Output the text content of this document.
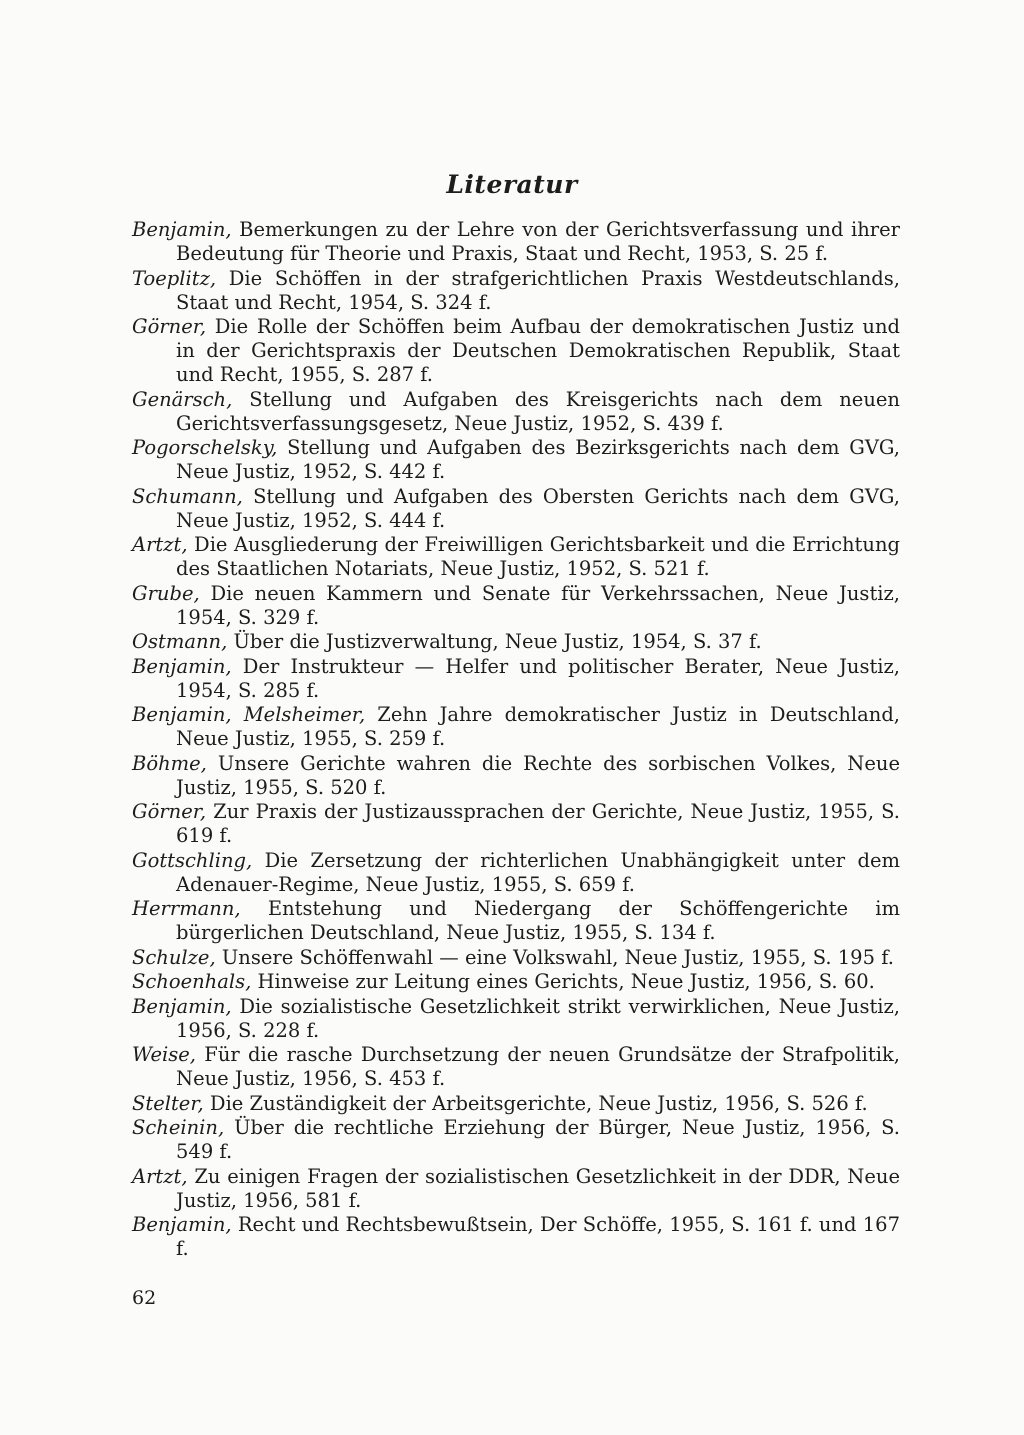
Literatur
Benjamin, Bemerkungen zu der Lehre von der Gerichtsverfassung und ihrer Bedeutung für Theorie und Praxis, Staat und Recht, 1953, S. 25 f.
Toeplitz, Die Schöffen in der strafgerichtlichen Praxis Westdeutschlands, Staat und Recht, 1954, S. 324 f.
Görner, Die Rolle der Schöffen beim Aufbau der demokratischen Justiz und in der Gerichtspraxis der Deutschen Demokratischen Republik, Staat und Recht, 1955, S. 287 f.
Genärsch, Stellung und Aufgaben des Kreisgerichts nach dem neuen Gerichtsverfassungsgesetz, Neue Justiz, 1952, S. 439 f.
Pogorschelsky, Stellung und Aufgaben des Bezirksgerichts nach dem GVG, Neue Justiz, 1952, S. 442 f.
Schumann, Stellung und Aufgaben des Obersten Gerichts nach dem GVG, Neue Justiz, 1952, S. 444 f.
Artzt, Die Ausgliederung der Freiwilligen Gerichtsbarkeit und die Errichtung des Staatlichen Notariats, Neue Justiz, 1952, S. 521 f.
Grube, Die neuen Kammern und Senate für Verkehrssachen, Neue Justiz, 1954, S. 329 f.
Ostmann, Über die Justizverwaltung, Neue Justiz, 1954, S. 37 f.
Benjamin, Der Instrukteur — Helfer und politischer Berater, Neue Justiz, 1954, S. 285 f.
Benjamin, Melsheimer, Zehn Jahre demokratischer Justiz in Deutschland, Neue Justiz, 1955, S. 259 f.
Böhme, Unsere Gerichte wahren die Rechte des sorbischen Volkes, Neue Justiz, 1955, S. 520 f.
Görner, Zur Praxis der Justizaussprachen der Gerichte, Neue Justiz, 1955, S. 619 f.
Gottschling, Die Zersetzung der richterlichen Unabhängigkeit unter dem Adenauer-Regime, Neue Justiz, 1955, S. 659 f.
Herrmann, Entstehung und Niedergang der Schöffengerichte im bürgerlichen Deutschland, Neue Justiz, 1955, S. 134 f.
Schulze, Unsere Schöffenwahl — eine Volkswahl, Neue Justiz, 1955, S. 195 f.
Schoenhals, Hinweise zur Leitung eines Gerichts, Neue Justiz, 1956, S. 60.
Benjamin, Die sozialistische Gesetzlichkeit strikt verwirklichen, Neue Justiz, 1956, S. 228 f.
Weise, Für die rasche Durchsetzung der neuen Grundsätze der Strafpolitik, Neue Justiz, 1956, S. 453 f.
Stelter, Die Zuständigkeit der Arbeitsgerichte, Neue Justiz, 1956, S. 526 f.
Scheinin, Über die rechtliche Erziehung der Bürger, Neue Justiz, 1956, S. 549 f.
Artzt, Zu einigen Fragen der sozialistischen Gesetzlichkeit in der DDR, Neue Justiz, 1956, 581 f.
Benjamin, Recht und Rechtsbewußtsein, Der Schöffe, 1955, S. 161 f. und 167 f.
62
